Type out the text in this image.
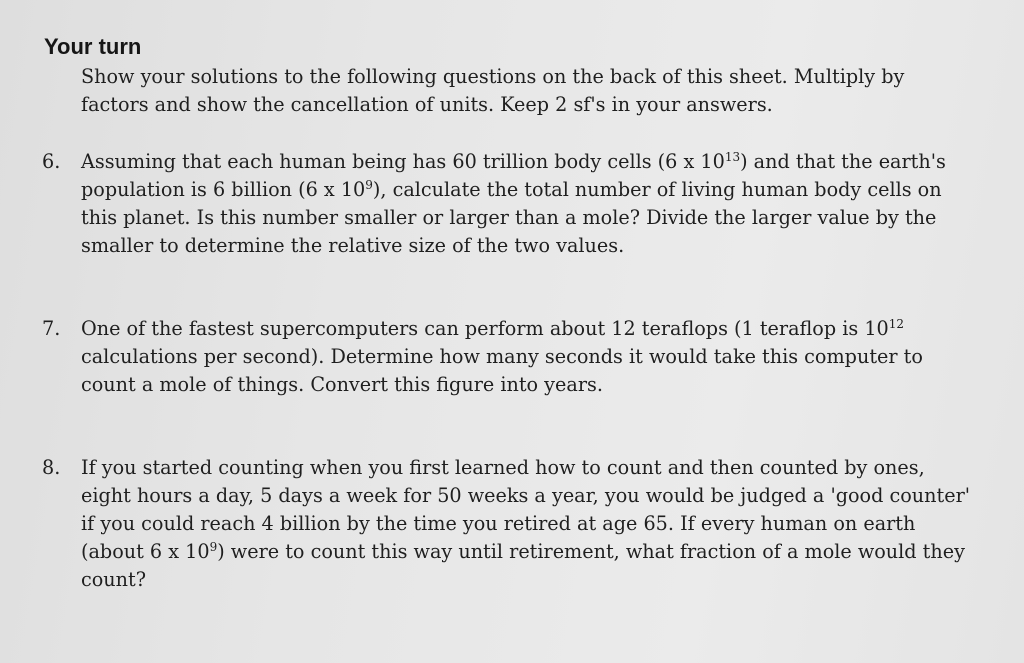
Your turn

Show your solutions to the following questions on the back of this sheet. Multiply by factors and show the cancellation of units. Keep 2 sf's in your answers.

6.	Assuming that each human being has 60 trillion body cells (6 x $10^{13}$) and that the earth's population is 6 billion (6 x $10^9$), calculate the total number of living human body cells on this planet. Is this number smaller or larger than a mole? Divide the larger value by the smaller to determine the relative size of the two values.
7.	One of the fastest supercomputers can perform about 12 teraflops (1 teraflop is $10^{12}$ calculations per second). Determine how many seconds it would take this computer to count a mole of things. Convert this figure into years.
8.	If you started counting when you first learned how to count and then counted by ones, eight hours a day, 5 days a week for 50 weeks a year, you would be judged a 'good counter' if you could reach 4 billion by the time you retired at age 65. If every human on earth (about 6 x $10^9$) were to count this way until retirement, what fraction of a mole would they count?
